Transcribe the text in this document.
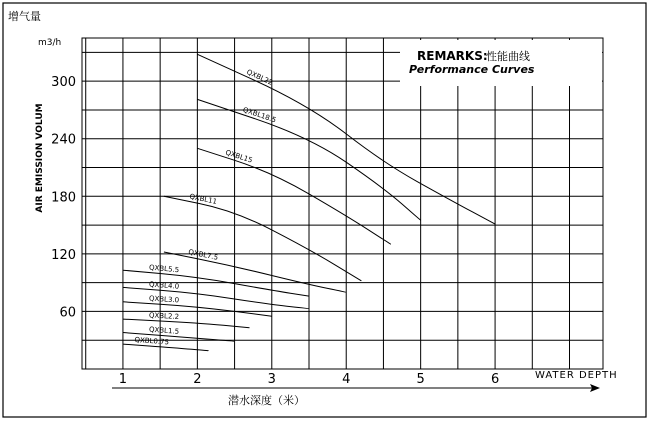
增气量
m3/h
AIR EMISSION VOLUM
1	2	3	4	5	6
60
120
180
240
300	QXBL22
QXBL18.5
QXBL15
QXBL11
QXBL7.5
QXBL5.5
QXBL4.0
QXBL3.0
QXBL2.2
QXBL1.5
QXBL0.75
REMARKS:
性能曲线
Performance Curves
WATER DEPTH
潜水深度（米）
